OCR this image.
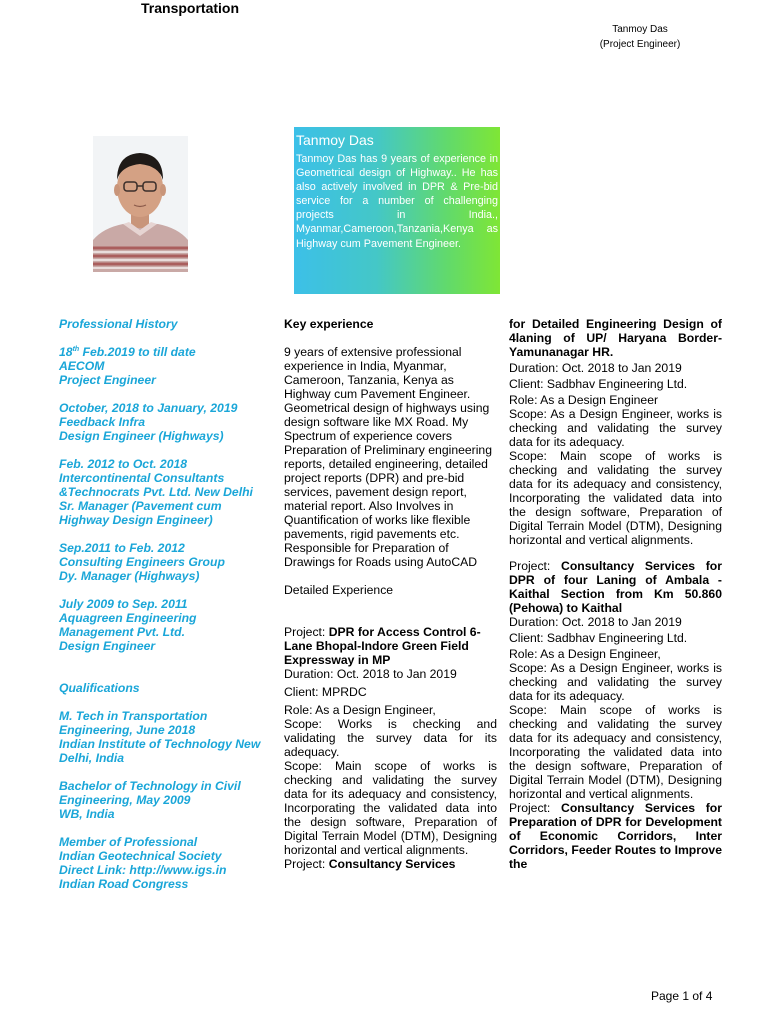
Transportation
Tanmoy Das
(Project Engineer)
Tanmoy Das
Tanmoy Das has 9 years of experience in Geometrical design of Highway.. He has also actively involved in DPR & Pre-bid service for a number of challenging projects in India., Myanmar,Cameroon,Tanzania,Kenya as Highway cum Pavement Engineer.
Professional History
18th Feb.2019 to till date
AECOM
Project Engineer
October, 2018 to January, 2019
Feedback Infra
Design Engineer (Highways)
Feb. 2012 to Oct. 2018
Intercontinental Consultants &Technocrats Pvt. Ltd. New Delhi
Sr. Manager (Pavement cum Highway Design Engineer)
Sep.2011 to Feb. 2012
Consulting Engineers Group
Dy. Manager (Highways)
July 2009 to Sep. 2011
Aquagreen Engineering Management Pvt. Ltd.
Design Engineer
Qualifications
M. Tech in Transportation Engineering, June 2018
Indian Institute of Technology New Delhi, India
Bachelor of Technology in Civil Engineering, May 2009
WB, India
Member of Professional
Indian Geotechnical Society
Direct Link: http://www.igs.in
Indian Road Congress
Key experience
9 years of extensive professional experience in India, Myanmar, Cameroon, Tanzania, Kenya as Highway cum Pavement Engineer. Geometrical design of highways using design software like MX Road. My Spectrum of experience covers Preparation of Preliminary engineering reports, detailed engineering, detailed project reports (DPR) and pre-bid services, pavement design report, material report. Also Involves in Quantification of works like flexible pavements, rigid pavements etc. Responsible for Preparation of Drawings for Roads using AutoCAD
Detailed Experience
Project: DPR for Access Control 6-Lane Bhopal-Indore Green Field Expressway in MP
Duration: Oct. 2018 to Jan 2019
Client: MPRDC
Role: As a Design Engineer,
Scope: Works is checking and validating the survey data for its adequacy.
Scope: Main scope of works is checking and validating the survey data for its adequacy and consistency, Incorporating the validated data into the design software, Preparation of Digital Terrain Model (DTM), Designing horizontal and vertical alignments.
Project: Consultancy Services
for Detailed Engineering Design of 4laning of UP/ Haryana Border- Yamunanagar HR.
Duration: Oct. 2018 to Jan 2019
Client: Sadbhav Engineering Ltd.
Role: As a Design Engineer
Scope: As a Design Engineer, works is checking and validating the survey data for its adequacy.
Scope: Main scope of works is checking and validating the survey data for its adequacy and consistency, Incorporating the validated data into the design software, Preparation of Digital Terrain Model (DTM), Designing horizontal and vertical alignments.
Project: Consultancy Services for DPR of four Laning of Ambala - Kaithal Section from Km 50.860 (Pehowa) to Kaithal
Duration: Oct. 2018 to Jan 2019
Client: Sadbhav Engineering Ltd.
Role: As a Design Engineer,
Scope: As a Design Engineer, works is checking and validating the survey data for its adequacy.
Scope: Main scope of works is checking and validating the survey data for its adequacy and consistency, Incorporating the validated data into the design software, Preparation of Digital Terrain Model (DTM), Designing horizontal and vertical alignments.
Project: Consultancy Services for Preparation of DPR for Development of Economic Corridors, Inter Corridors, Feeder Routes to Improve the
Page 1 of 4
